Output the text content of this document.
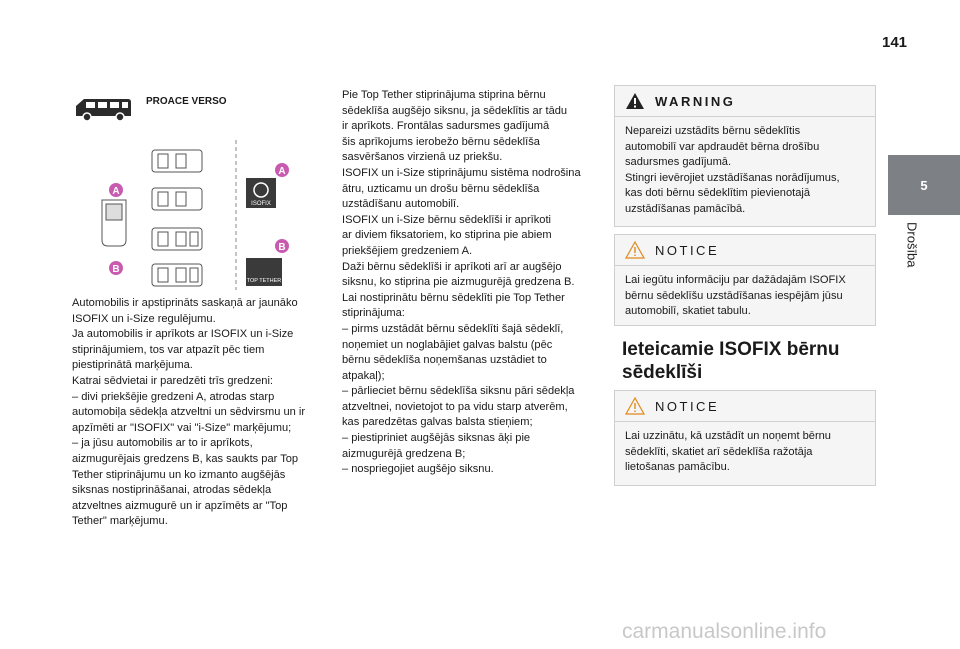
141
5
Drošība
PROACE VERSO
A
B
ISOFIX
A
TOP TETHER
B
Automobilis ir apstiprināts saskaņā ar jaunāko
ISOFIX un i-Size regulējumu.
Ja automobilis ir aprīkots ar ISOFIX un i-Size
stiprinājumiem, tos var atpazīt pēc tiem
piestiprinātā marķējuma.
Katrai sēdvietai ir paredzēti trīs gredzeni:
– divi priekšējie gredzeni A, atrodas starp
automobiļa sēdekļa atzveltni un sēdvirsmu un ir
apzīmēti ar "ISOFIX" vai "i-Size" marķējumu;
– ja jūsu automobilis ar to ir aprīkots,
aizmugurējais gredzens B, kas saukts par Top
Tether stiprinājumu un ko izmanto augšējās
siksnas nostiprināšanai, atrodas sēdekļa
atzveltnes aizmugurē un ir apzīmēts ar "Top
Tether" marķējumu.
Pie Top Tether stiprinājuma stiprina bērnu
sēdeklīša augšējo siksnu, ja sēdeklītis ar tādu
ir aprīkots. Frontālas sadursmes gadījumā
šis aprīkojums ierobežo bērnu sēdeklīša
sasvēršanos virzienā uz priekšu.
ISOFIX un i-Size stiprinājumu sistēma nodrošina
ātru, uzticamu un drošu bērnu sēdeklīša
uzstādīšanu automobilī.
ISOFIX un i-Size bērnu sēdeklīši ir aprīkoti
ar diviem fiksatoriem, ko stiprina pie abiem
priekšējiem gredzeniem A.
Daži bērnu sēdeklīši ir aprīkoti arī ar augšējo
siksnu, ko stiprina pie aizmugurējā gredzena B.
Lai nostiprinātu bērnu sēdeklīti pie Top Tether
stiprinājuma:
– pirms uzstādāt bērnu sēdeklīti šajā sēdeklī,
noņemiet un noglabājiet galvas balstu (pēc
bērnu sēdeklīša noņemšanas uzstādiet to
atpakaļ);
– pārlieciet bērnu sēdeklīša siksnu pāri sēdekļa
atzveltnei, novietojot to pa vidu starp atverēm,
kas paredzētas galvas balsta stieņiem;
– piestipriniet augšējās siksnas āķi pie
aizmugurējā gredzena B;
– nospriegojiet augšējo siksnu.
WARNING
Nepareizi uzstādīts bērnu sēdeklītis
automobilī var apdraudēt bērna drošību
sadursmes gadījumā.
Stingri ievērojiet uzstādīšanas norādījumus,
kas doti bērnu sēdeklītim pievienotajā
uzstādīšanas pamācībā.
NOTICE
Lai iegūtu informāciju par dažādajām ISOFIX
bērnu sēdeklīšu uzstādīšanas iespējām jūsu
automobilī, skatiet tabulu.
Ieteicamie ISOFIX bērnu sēdeklīši
NOTICE
Lai uzzinātu, kā uzstādīt un noņemt bērnu
sēdeklīti, skatiet arī sēdeklīša ražotāja
lietošanas pamācību.
carmanualsonline.info
